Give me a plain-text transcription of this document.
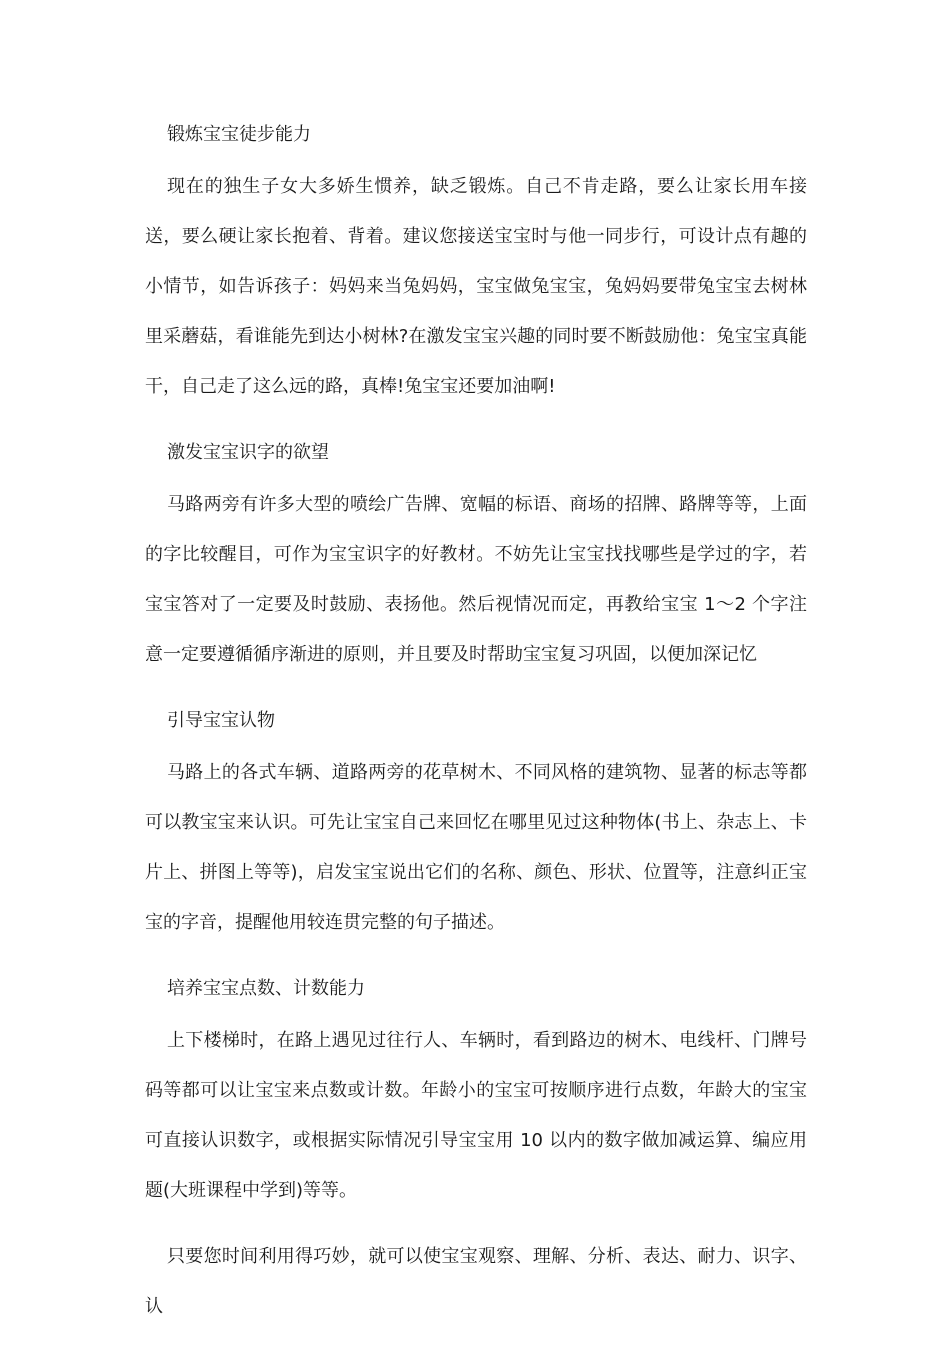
锻炼宝宝徒步能力

现在的独生子女大多娇生惯养，缺乏锻炼。自己不肯走路，要么让家长用车接送，要么硬让家长抱着、背着。建议您接送宝宝时与他一同步行，可设计点有趣的小情节，如告诉孩子：妈妈来当兔妈妈，宝宝做兔宝宝，兔妈妈要带兔宝宝去树林里采蘑菇，看谁能先到达小树林?在激发宝宝兴趣的同时要不断鼓励他：兔宝宝真能干，自己走了这么远的路，真棒!兔宝宝还要加油啊!

激发宝宝识字的欲望

马路两旁有许多大型的喷绘广告牌、宽幅的标语、商场的招牌、路牌等等，上面的字比较醒目，可作为宝宝识字的好教材。不妨先让宝宝找找哪些是学过的字，若宝宝答对了一定要及时鼓励、表扬他。然后视情况而定，再教给宝宝 1～2 个字注意一定要遵循循序渐进的原则，并且要及时帮助宝宝复习巩固，以便加深记忆

引导宝宝认物

马路上的各式车辆、道路两旁的花草树木、不同风格的建筑物、显著的标志等都可以教宝宝来认识。可先让宝宝自己来回忆在哪里见过这种物体(书上、杂志上、卡片上、拼图上等等)，启发宝宝说出它们的名称、颜色、形状、位置等，注意纠正宝宝的字音，提醒他用较连贯完整的句子描述。

培养宝宝点数、计数能力

上下楼梯时，在路上遇见过往行人、车辆时，看到路边的树木、电线杆、门牌号码等都可以让宝宝来点数或计数。年龄小的宝宝可按顺序进行点数，年龄大的宝宝可直接认识数字，或根据实际情况引导宝宝用 10 以内的数字做加减运算、编应用题(大班课程中学到)等等。

只要您时间利用得巧妙，就可以使宝宝观察、理解、分析、表达、耐力、识字、认
